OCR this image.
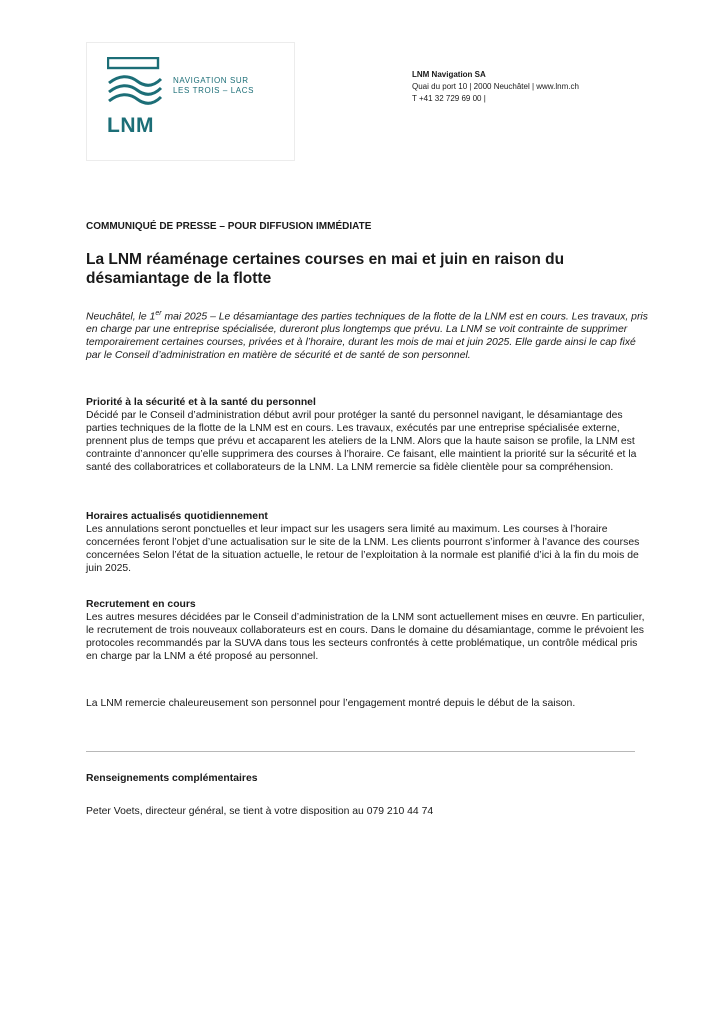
LNM
NAVIGATION SUR
LES TROIS – LACS
LNM Navigation SA
Quai du port 10 | 2000 Neuchâtel | www.lnm.ch
T +41 32 729 69 00 |
COMMUNIQUÉ DE PRESSE – POUR DIFFUSION IMMÉDIATE
La LNM réaménage certaines courses en mai et juin en raison du désamiantage de la flotte

Neuchâtel, le 1er mai 2025 – Le désamiantage des parties techniques de la flotte de la LNM est en cours. Les travaux, pris en charge par une entreprise spécialisée, dureront plus longtemps que prévu. La LNM se voit contrainte de supprimer temporairement certaines courses, privées et à l’horaire, durant les mois de mai et juin 2025. Elle garde ainsi le cap fixé par le Conseil d’administration en matière de sécurité et de santé de son personnel.

Priorité à la sécurité et à la santé du personnel

Décidé par le Conseil d’administration début avril pour protéger la santé du personnel navigant, le désamiantage des parties techniques de la flotte de la LNM est en cours. Les travaux, exécutés par une entreprise spécialisée externe, prennent plus de temps que prévu et accaparent les ateliers de la LNM. Alors que la haute saison se profile, la LNM est contrainte d’annoncer qu’elle supprimera des courses à l’horaire. Ce faisant, elle maintient la priorité sur la sécurité et la santé des collaboratrices et collaborateurs de la LNM. La LNM remercie sa fidèle clientèle pour sa compréhension.

Horaires actualisés quotidiennement

Les annulations seront ponctuelles et leur impact sur les usagers sera limité au maximum. Les courses à l’horaire concernées feront l’objet d’une actualisation sur le site de la LNM. Les clients pourront s’informer à l’avance des courses concernées Selon l’état de la situation actuelle, le retour de l’exploitation à la normale est planifié d’ici à la fin du mois de juin 2025.

Recrutement en cours

Les autres mesures décidées par le Conseil d’administration de la LNM sont actuellement mises en œuvre. En particulier, le recrutement de trois nouveaux collaborateurs est en cours. Dans le domaine du désamiantage, comme le prévoient les protocoles recommandés par la SUVA dans tous les secteurs confrontés à cette problématique, un contrôle médical pris en charge par la LNM a été proposé au personnel.

La LNM remercie chaleureusement son personnel pour l’engagement montré depuis le début de la saison.
Renseignements complémentaires
Peter Voets, directeur général, se tient à votre disposition au 079 210 44 74
